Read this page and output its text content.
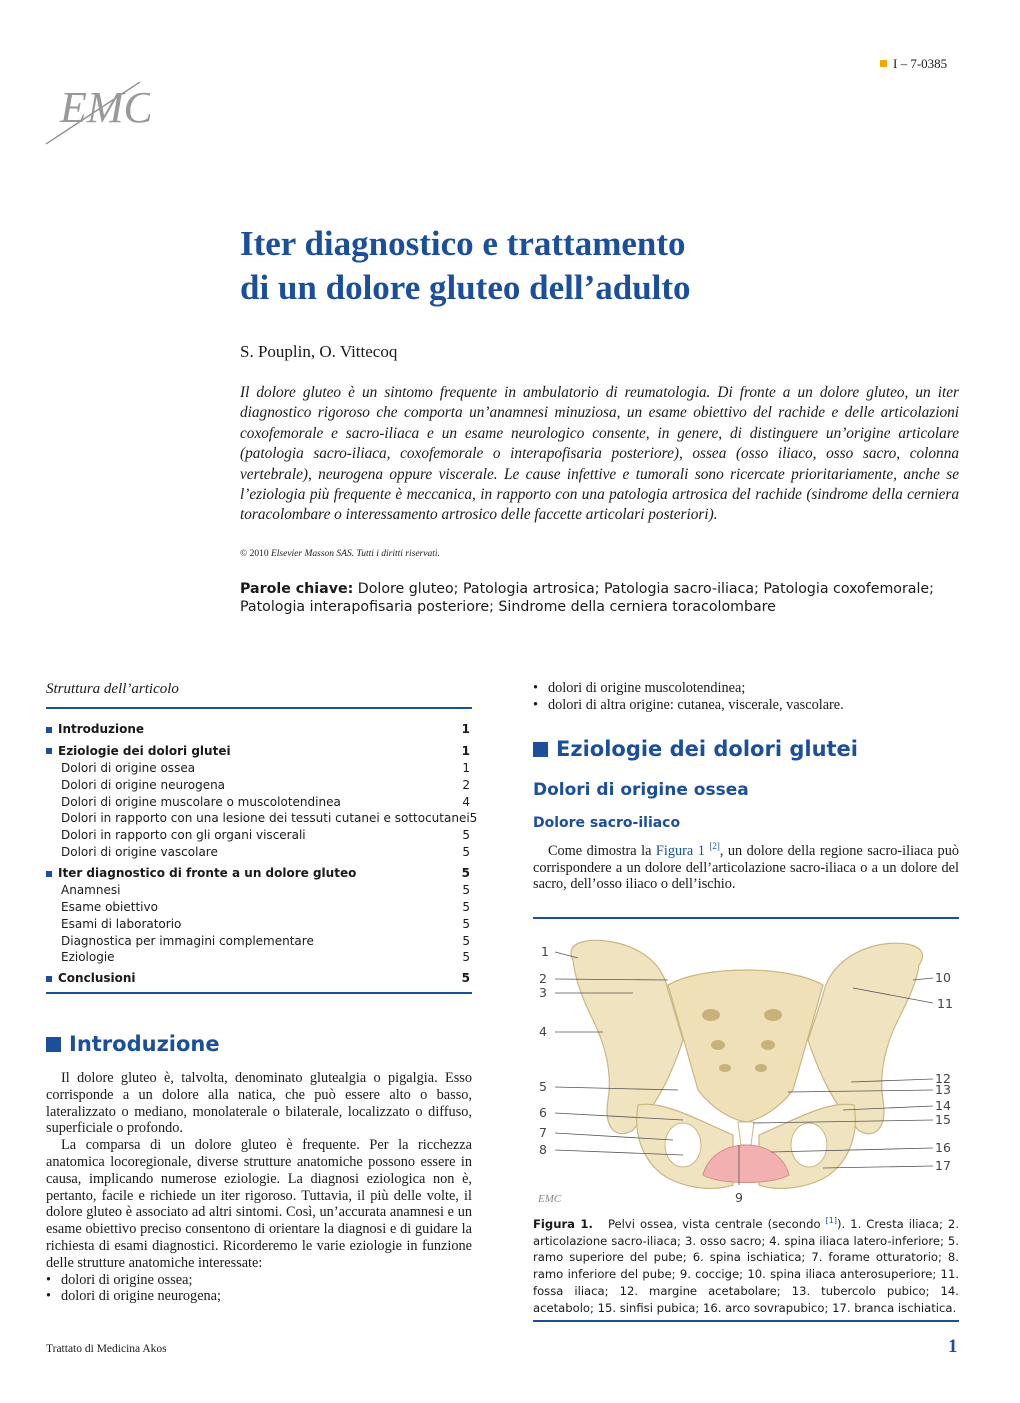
I – 7-0385
EMC
Iter diagnostico e trattamento
di un dolore gluteo dell’adulto
S. Pouplin, O. Vittecoq
Il dolore gluteo è un sintomo frequente in ambulatorio di reumatologia. Di fronte a un dolore gluteo, un iter diagnostico rigoroso che comporta un’anamnesi minuziosa, un esame obiettivo del rachide e delle articolazioni coxofemorale e sacro-iliaca e un esame neurologico consente, in genere, di distinguere un’origine articolare (patologia sacro-iliaca, coxofemorale o interapofisaria posteriore), ossea (osso iliaco, osso sacro, colonna vertebrale), neurogena oppure viscerale. Le cause infettive e tumorali sono ricercate prioritariamente, anche se l’eziologia più frequente è meccanica, in rapporto con una patologia artrosica del rachide (sindrome della cerniera toracolombare o interessamento artrosico delle faccette articolari posteriori).
© 2010 Elsevier Masson SAS. Tutti i diritti riservati.
Parole chiave: Dolore gluteo; Patologia artrosica; Patologia sacro-iliaca; Patologia coxofemorale; Patologia interapofisaria posteriore; Sindrome della cerniera toracolombare
Struttura dell’articolo
Introduzione	1
Eziologie dei dolori glutei	1
Dolori di origine ossea	1
Dolori di origine neurogena	2
Dolori di origine muscolare o muscolotendinea	4
Dolori in rapporto con una lesione dei tessuti cutanei e sottocutanei 5
Dolori in rapporto con gli organi viscerali	5
Dolori di origine vascolare	5
Iter diagnostico di fronte a un dolore gluteo	5
Anamnesi	5
Esame obiettivo	5
Esami di laboratorio	5
Diagnostica per immagini complementare	5
Eziologie	5
Conclusioni	5
Introduzione

Il dolore gluteo è, talvolta, denominato glutealgia o pigalgia. Esso corrisponde a un dolore alla natica, che può essere alto o basso, lateralizzato o mediano, monolaterale o bilaterale, localizzato o diffuso, superficiale o profondo.

La comparsa di un dolore gluteo è frequente. Per la ricchezza anatomica locoregionale, diverse strutture anatomiche possono essere in causa, implicando numerose eziologie. La diagnosi eziologica non è, pertanto, facile e richiede un iter rigoroso. Tuttavia, il più delle volte, il dolore gluteo è associato ad altri sintomi. Così, un’accurata anamnesi e un esame obiettivo preciso consentono di orientare la diagnosi e di guidare la richiesta di esami diagnostici. Ricorderemo le varie eziologie in funzione delle strutture anatomiche interessate:

• dolori di origine ossea;
• dolori di origine neurogena;
• dolori di origine muscolotendinea;
• dolori di altra origine: cutanea, viscerale, vascolare.
Eziologie dei dolori glutei
Dolori di origine ossea
Dolore sacro-iliaco

Come dimostra la Figura 1 [2], un dolore della regione sacro-iliaca può corrispondere a un dolore dell’articolazione sacro-iliaca o a un dolore del sacro, dell’osso iliaco o dell’ischio.

1
2
3
4
5
6
7
8
9
10
11
12
13
14
15
16
17
EMC
Figura 1. Pelvi ossea, vista centrale (secondo [1]). 1. Cresta iliaca; 2. articolazione sacro-iliaca; 3. osso sacro; 4. spina iliaca latero-inferiore; 5. ramo superiore del pube; 6. spina ischiatica; 7. forame otturatorio; 8. ramo inferiore del pube; 9. coccige; 10. spina iliaca anterosuperiore; 11. fossa iliaca; 12. margine acetabolare; 13. tubercolo pubico; 14. acetabolo; 15. sinfisi pubica; 16. arco sovrapubico; 17. branca ischiatica.
Trattato di Medicina Akos	1
